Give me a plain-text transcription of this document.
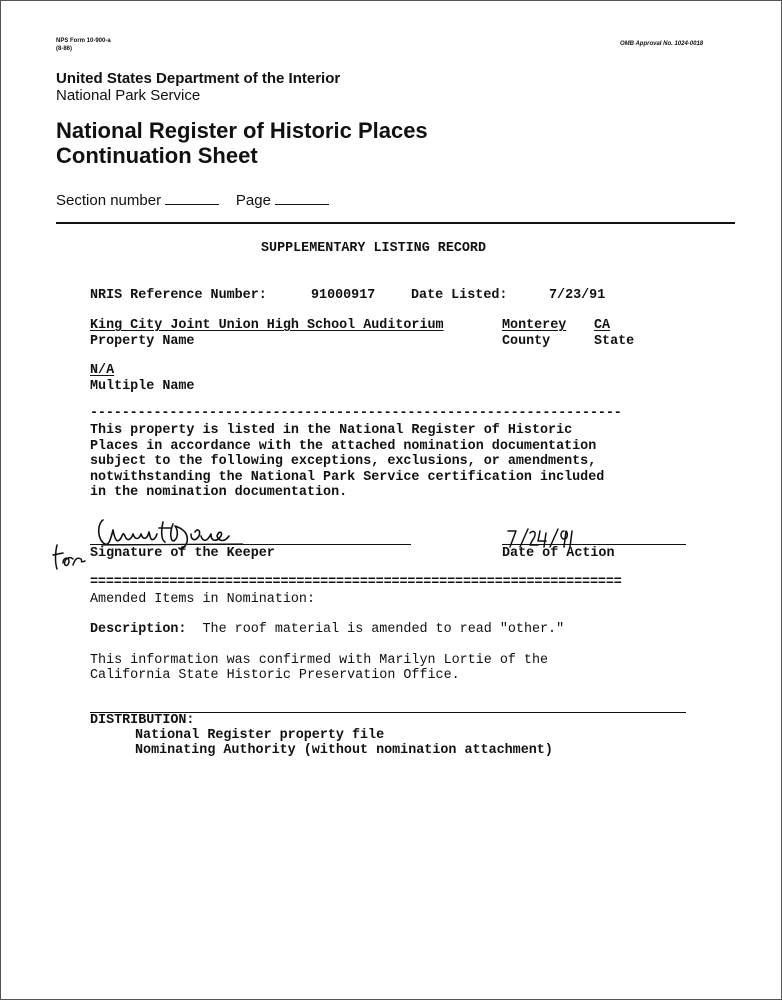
NPS Form 10-900-a
(8-86)
OMB Approval No. 1024-0018
United States Department of the Interior
National Park Service
National Register of Historic Places
Continuation Sheet
Section number	Page
SUPPLEMENTARY LISTING RECORD
NRIS Reference Number:	91000917	Date Listed:	7/23/91
King City Joint Union High School Auditorium	Monterey CA
Property Name	County	State
N/A
Multiple Name
-------------------------------------------------------------------
This property is listed in the National Register of Historic
Places in accordance with the attached nomination documentation
subject to the following exceptions, exclusions, or amendments,
notwithstanding the National Park Service certification included
in the nomination documentation.
Signature of the Keeper	Date of Action
===================================================================
Amended Items in Nomination:
Description: The roof material is amended to read "other."
This information was confirmed with Marilyn Lortie of the
California State Historic Preservation Office.
DISTRIBUTION:
National Register property file
Nominating Authority (without nomination attachment)
